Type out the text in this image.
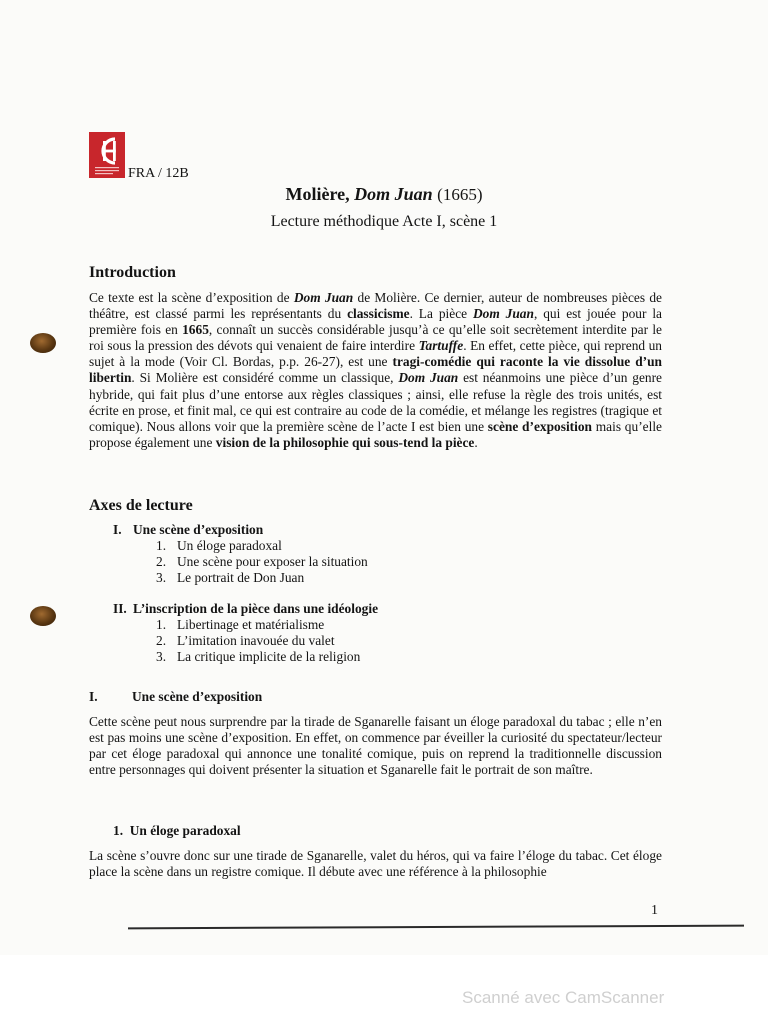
FRA / 12B
Molière, Dom Juan (1665)
Lecture méthodique Acte I, scène 1
Introduction

Ce texte est la scène d’exposition de Dom Juan de Molière. Ce dernier, auteur de nombreuses pièces de théâtre, est classé parmi les représentants du classicisme. La pièce Dom Juan, qui est jouée pour la première fois en 1665, connaît un succès considérable jusqu’à ce qu’elle soit secrètement interdite par le roi sous la pression des dévots qui venaient de faire interdire Tartuffe. En effet, cette pièce, qui reprend un sujet à la mode (Voir Cl. Bordas, p.p. 26-27), est une tragi-comédie qui raconte la vie dissolue d’un libertin. Si Molière est considéré comme un classique, Dom Juan est néanmoins une pièce d’un genre hybride, qui fait plus d’une entorse aux règles classiques ; ainsi, elle refuse la règle des trois unités, est écrite en prose, et finit mal, ce qui est contraire au code de la comédie, et mélange les registres (tragique et comique). Nous allons voir que la première scène de l’acte I est bien une scène d’exposition mais qu’elle propose également une vision de la philosophie qui sous-tend la pièce.

Axes de lecture
I. Une scène d’exposition
1. Un éloge paradoxal
2. Une scène pour exposer la situation
3. Le portrait de Don Juan
II. L’inscription de la pièce dans une idéologie
1. Libertinage et matérialisme
2. L’imitation inavouée du valet
3. La critique implicite de la religion
I.	Une scène d’exposition

Cette scène peut nous surprendre par la tirade de Sganarelle faisant un éloge paradoxal du tabac ; elle n’en est pas moins une scène d’exposition. En effet, on commence par éveiller la curiosité du spectateur/lecteur par cet éloge paradoxal qui annonce une tonalité comique, puis on reprend la traditionnelle discussion entre personnages qui doivent présenter la situation et Sganarelle fait le portrait de son maître.

1. Un éloge paradoxal

La scène s’ouvre donc sur une tirade de Sganarelle, valet du héros, qui va faire l’éloge du tabac. Cet éloge place la scène dans un registre comique. Il débute avec une référence à la philosophie

1
Scanné avec CamScanner
